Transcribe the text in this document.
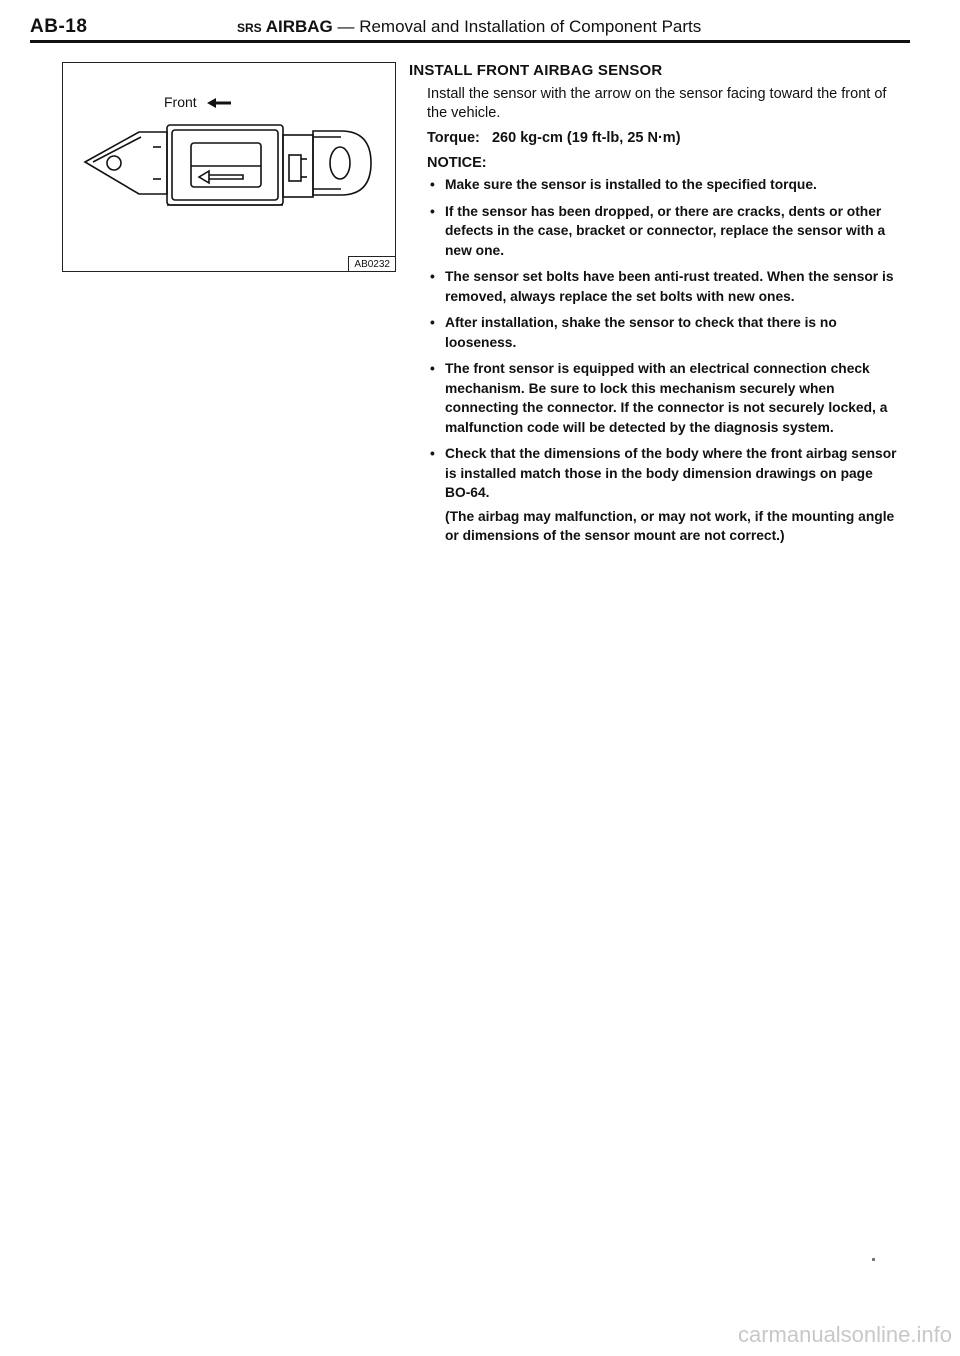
AB-18	SRS AIRBAG — Removal and Installation of Component Parts
Front
AB0232
INSTALL FRONT AIRBAG SENSOR

Install the sensor with the arrow on the sensor facing toward the front of the vehicle.

Torque:   260 kg-cm (19 ft-lb, 25 N·m)

NOTICE:

• Make sure the sensor is installed to the specified torque.
• If the sensor has been dropped, or there are cracks, dents or other defects in the case, bracket or connector, replace the sensor with a new one.
• The sensor set bolts have been anti-rust treated. When the sensor is removed, always replace the set bolts with new ones.
• After installation, shake the sensor to check that there is no looseness.
• The front sensor is equipped with an electrical connection check mechanism. Be sure to lock this mechanism securely when connecting the connector. If the connector is not securely locked, a malfunction code will be detected by the diagnosis system.
• Check that the dimensions of the body where the front airbag sensor is installed match those in the body dimension drawings on page BO-64.

(The airbag may malfunction, or may not work, if the mounting angle or dimensions of the sensor mount are not correct.)

carmanualsonline.info
